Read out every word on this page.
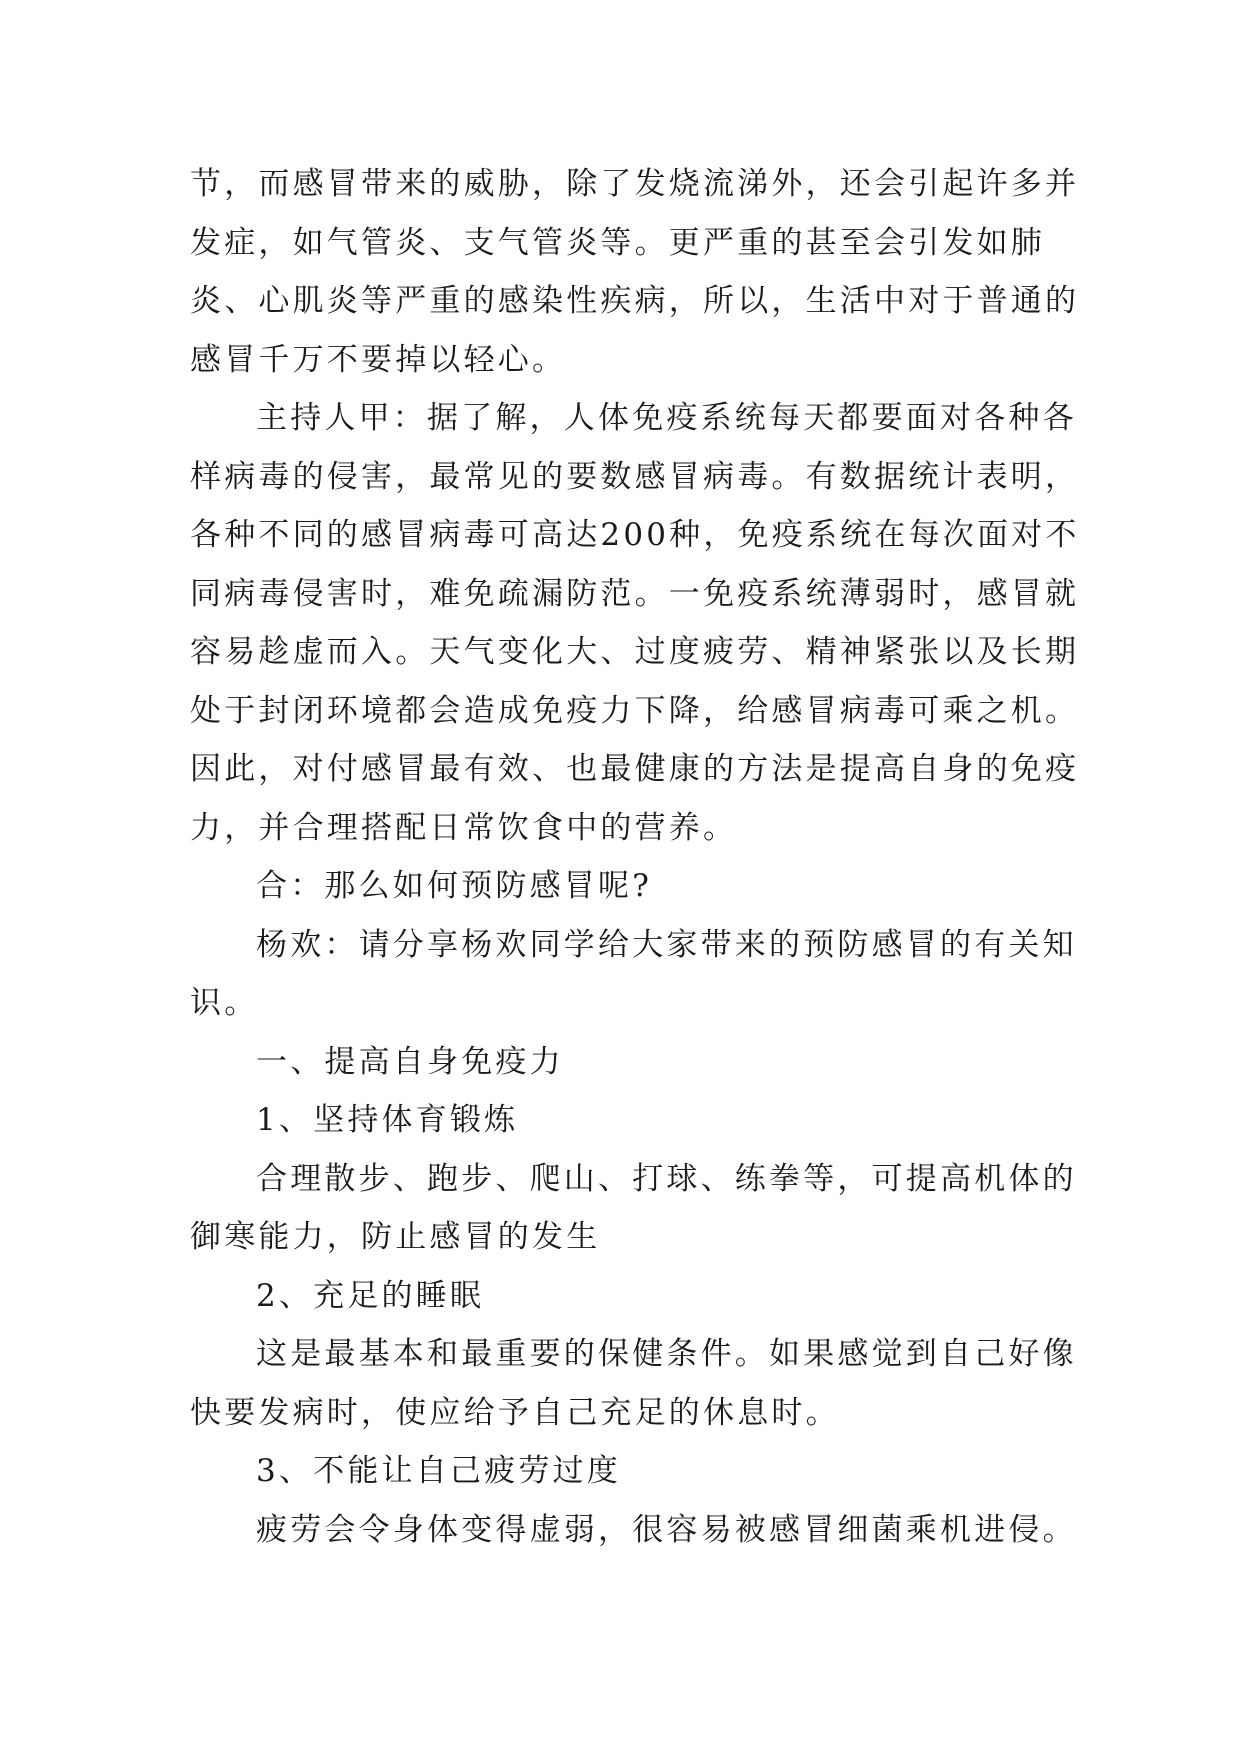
节，而感冒带来的威胁，除了发烧流涕外，还会引起许多并发症，如气管炎、支气管炎等。更严重的甚至会引发如肺炎、心肌炎等严重的感染性疾病，所以，生活中对于普通的感冒千万不要掉以轻心。

主持人甲：据了解，人体免疫系统每天都要面对各种各样病毒的侵害，最常见的要数感冒病毒。有数据统计表明，各种不同的感冒病毒可高达200种，免疫系统在每次面对不同病毒侵害时，难免疏漏防范。一免疫系统薄弱时，感冒就容易趁虚而入。天气变化大、过度疲劳、精神紧张以及长期处于封闭环境都会造成免疫力下降，给感冒病毒可乘之机。因此，对付感冒最有效、也最健康的方法是提高自身的免疫力，并合理搭配日常饮食中的营养。

合：那么如何预防感冒呢?

杨欢：请分享杨欢同学给大家带来的预防感冒的有关知识。

一、提高自身免疫力

1、坚持体育锻炼

合理散步、跑步、爬山、打球、练拳等，可提高机体的御寒能力，防止感冒的发生

2、充足的睡眠

这是最基本和最重要的保健条件。如果感觉到自己好像快要发病时，使应给予自己充足的休息时。

3、不能让自己疲劳过度

疲劳会令身体变得虚弱，很容易被感冒细菌乘机进侵。
